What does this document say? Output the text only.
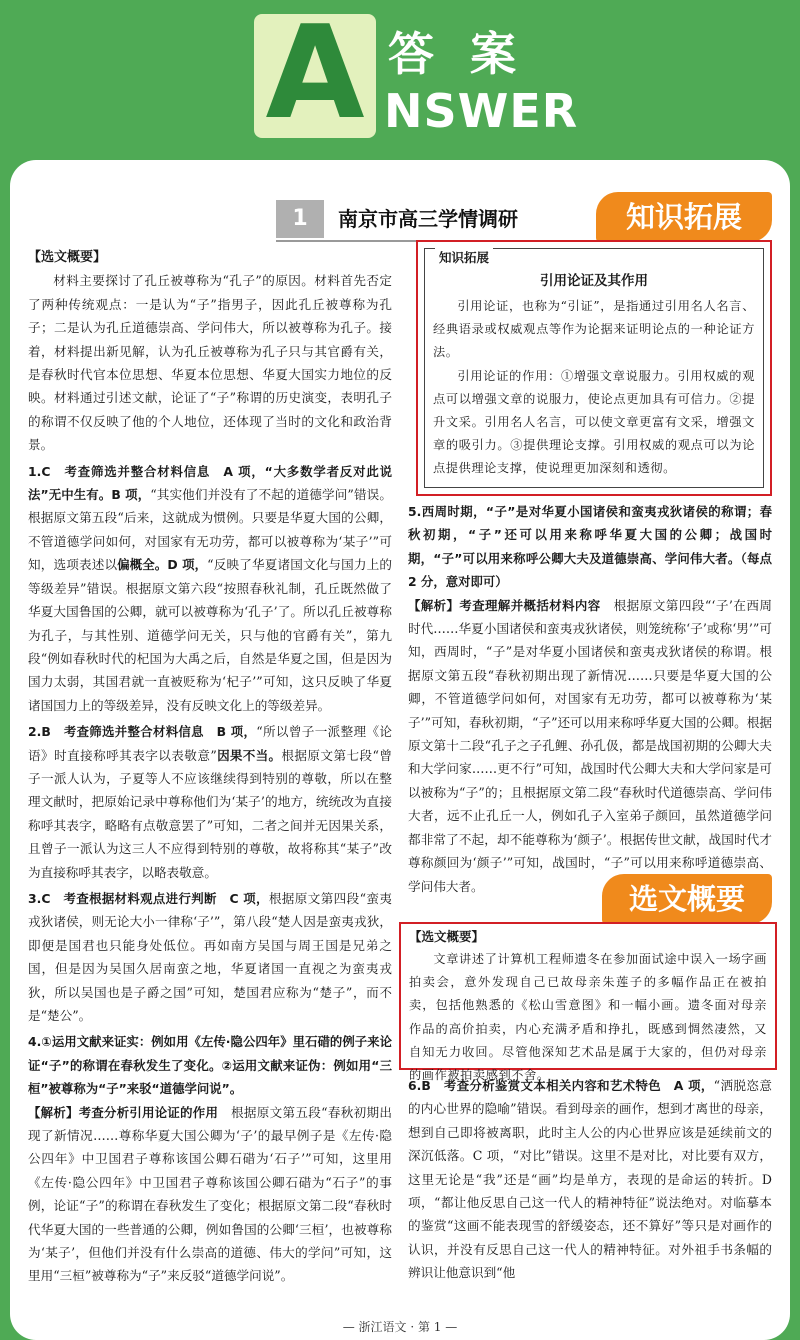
A 答案
NSWER
1	南京市高三学情调研	知识拓展

【选文概要】

材料主要探讨了孔丘被尊称为“孔子”的原因。材料首先否定了两种传统观点：一是认为“子”指男子，因此孔丘被尊称为孔子；二是认为孔丘道德崇高、学问伟大，所以被尊称为孔子。接着，材料提出新见解，认为孔丘被尊称为孔子只与其官爵有关，是春秋时代官本位思想、华夏本位思想、华夏大国实力地位的反映。材料通过引述文献，论证了“子”称谓的历史演变，表明孔子的称谓不仅反映了他的个人地位，还体现了当时的文化和政治背景。

1.C　考查筛选并整合材料信息　A 项，“大多数学者反对此说法”无中生有。B 项，“其实他们并没有了不起的道德学问”错误。根据原文第五段“后来，这就成为惯例。只要是华夏大国的公卿，不管道德学问如何，对国家有无功劳，都可以被尊称为‘某子’”可知，选项表述以偏概全。D 项，“反映了华夏诸国文化与国力上的等级差异”错误。根据原文第六段“按照春秋礼制，孔丘既然做了华夏大国鲁国的公卿，就可以被尊称为‘孔子’了。所以孔丘被尊称为孔子，与其性别、道德学问无关，只与他的官爵有关”，第九段“例如春秋时代的杞国为大禹之后，自然是华夏之国，但是因为国力太弱，其国君就一直被贬称为‘杞子’”可知，这只反映了华夏诸国国力上的等级差异，没有反映文化上的等级差异。

2.B　考查筛选并整合材料信息　B 项，“所以曾子一派整理《论语》时直接称呼其表字以表敬意”因果不当。根据原文第七段“曾子一派人认为，子夏等人不应该继续得到特别的尊敬，所以在整理文献时，把原始记录中尊称他们为‘某子’的地方，统统改为直接称呼其表字，略略有点敬意罢了”可知，二者之间并无因果关系，且曾子一派认为这三人不应得到特别的尊敬，故将称其“某子”改为直接称呼其表字，以略表敬意。

3.C　考查根据材料观点进行判断　C 项，根据原文第四段“蛮夷戎狄诸侯，则无论大小一律称‘子’”，第八段“楚人因是蛮夷戎狄，即便是国君也只能身处低位。再如南方吴国与周王国是兄弟之国，但是因为吴国久居南蛮之地，华夏诸国一直视之为蛮夷戎狄，所以吴国也是子爵之国”可知，楚国君应称为“楚子”，而不是“楚公”。

4.①运用文献来证实：例如用《左传·隐公四年》里石碏的例子来论证“子”的称谓在春秋发生了变化。②运用文献来证伪：例如用“三桓”被尊称为“子”来驳“道德学问说”。

【解析】考查分析引用论证的作用　根据原文第五段“春秋初期出现了新情况……尊称华夏大国公卿为‘子’的最早例子是《左传·隐公四年》中卫国君子尊称该国公卿石碏为‘石子’”可知，这里用《左传·隐公四年》中卫国君子尊称该国公卿石碏为“石子”的事例，论证“子”的称谓在春秋发生了变化；根据原文第二段“春秋时代华夏大国的一些普通的公卿，例如鲁国的公卿‘三桓’，也被尊称为‘某子’，但他们并没有什么崇高的道德、伟大的学问”可知，这里用“三桓”被尊称为“子”来反驳“道德学问说”。

知识拓展
引用论证及其作用

引用论证，也称为“引证”，是指通过引用名人名言、经典语录或权威观点等作为论据来证明论点的一种论证方法。

引用论证的作用：①增强文章说服力。引用权威的观点可以增强文章的说服力，使论点更加具有可信力。②提升文采。引用名人名言，可以使文章更富有文采，增强文章的吸引力。③提供理论支撑。引用权威的观点可以为论点提供理论支撑，使说理更加深刻和透彻。

5.西周时期，“子”是对华夏小国诸侯和蛮夷戎狄诸侯的称谓；春秋初期，“子”还可以用来称呼华夏大国的公卿；战国时期，“子”可以用来称呼公卿大夫及道德崇高、学问伟大者。（每点 2 分，意对即可）

【解析】考查理解并概括材料内容　根据原文第四段“‘子’在西周时代……华夏小国诸侯和蛮夷戎狄诸侯，则笼统称‘子’或称‘男’”可知，西周时，“子”是对华夏小国诸侯和蛮夷戎狄诸侯的称谓。根据原文第五段“春秋初期出现了新情况……只要是华夏大国的公卿，不管道德学问如何，对国家有无功劳，都可以被尊称为‘某子’”可知，春秋初期，“子”还可以用来称呼华夏大国的公卿。根据原文第十二段“孔子之子孔鲤、孙孔伋，都是战国初期的公卿大夫和大学问家……更不行”可知，战国时代公卿大夫和大学问家是可以被称为“子”的；且根据原文第二段“春秋时代道德崇高、学问伟大者，远不止孔丘一人，例如孔子入室弟子颜回，虽然道德学问都非常了不起，却不能尊称为‘颜子’。根据传世文献，战国时代才尊称颜回为‘颜子’”可知，战国时，“子”可以用来称呼道德崇高、学问伟大者。	选文概要
【选文概要】

文章讲述了计算机工程师遗冬在参加面试途中误入一场字画拍卖会，意外发现自己已故母亲朱莲子的多幅作品正在被拍卖，包括他熟悉的《松山雪意图》和一幅小画。遗冬面对母亲作品的高价拍卖，内心充满矛盾和挣扎，既感到惆然凄然，又自知无力收回。尽管他深知艺术品是属于大家的，但仍对母亲的画作被拍卖感到不舍。

6.B　考查分析鉴赏文本相关内容和艺术特色　A 项，“洒脱恣意的内心世界的隐喻”错误。看到母亲的画作，想到才离世的母亲，想到自己即将被离职，此时主人公的内心世界应该是延续前文的深沉低落。C 项，“对比”错误。这里不是对比，对比要有双方，这里无论是“我”还是“画”均是单方，表现的是命运的转折。D 项，“都让他反思自己这一代人的精神特征”说法绝对。对临摹本的鉴赏“这画不能表现雪的舒缓姿态，还不算好”等只是对画作的认识，并没有反思自己这一代人的精神特征。对外祖手书条幅的辨识让他意识到“他

— 浙江语文 · 第 1 —
